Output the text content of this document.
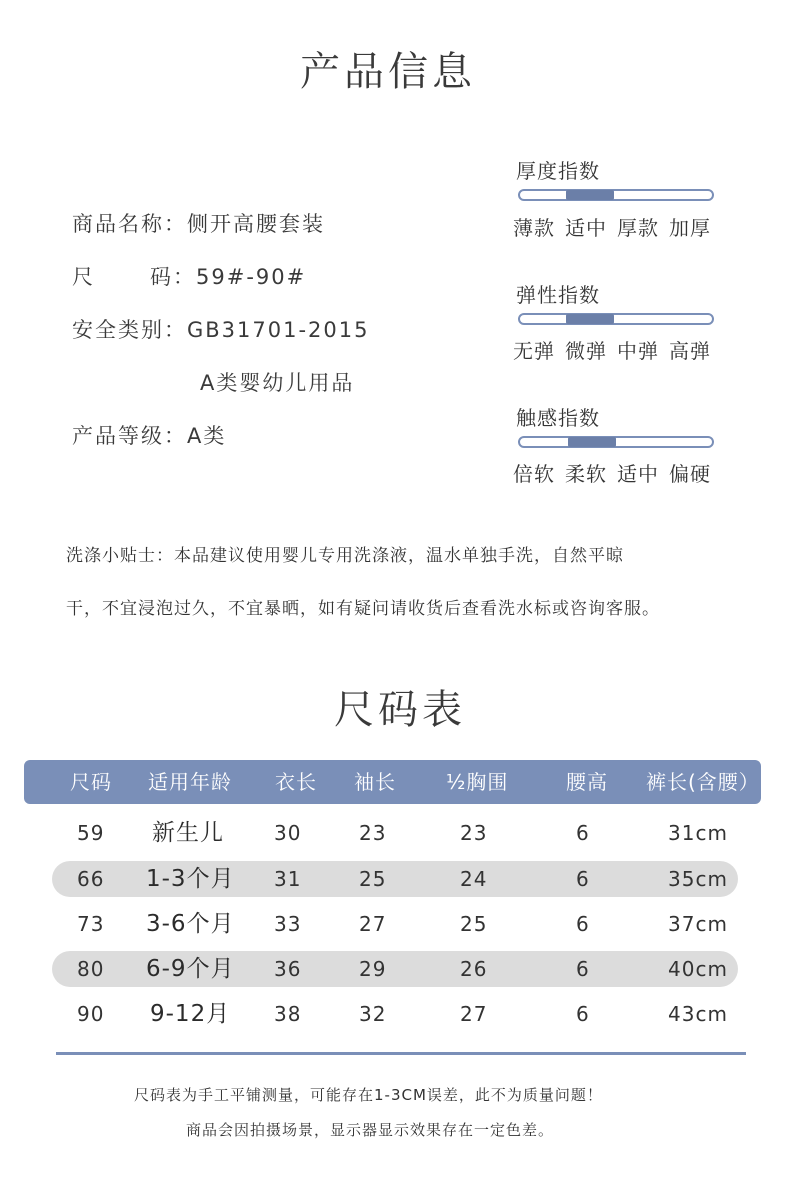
产品信息
商品名称：侧开高腰套装
尺	码：59#-90#
安全类别：GB31701-2015
A类婴幼儿用品
产品等级：A类
厚度指数
薄款 适中 厚款 加厚
弹性指数
无弹 微弹 中弹 高弹
触感指数
倍软 柔软 适中 偏硬
洗涤小贴士：本品建议使用婴儿专用洗涤液，温水单独手洗，自然平晾
干，不宜浸泡过久，不宜暴晒，如有疑问请收货后查看洗水标或咨询客服。
尺码表
尺码 适用年龄 衣长 袖长	½胸围	腰高 裤长(含腰）
59 新生儿	30	23	23	6	31cm
66 1-3个月 31	25	24	6	35cm
73 3-6个月 33	27	25	6	37cm
80 6-9个月 36	29	26	6	40cm
90 9-12月 38	32	27	6	43cm
尺码表为手工平铺测量，可能存在1-3CM误差，此不为质量问题！
商品会因拍摄场景，显示器显示效果存在一定色差。
